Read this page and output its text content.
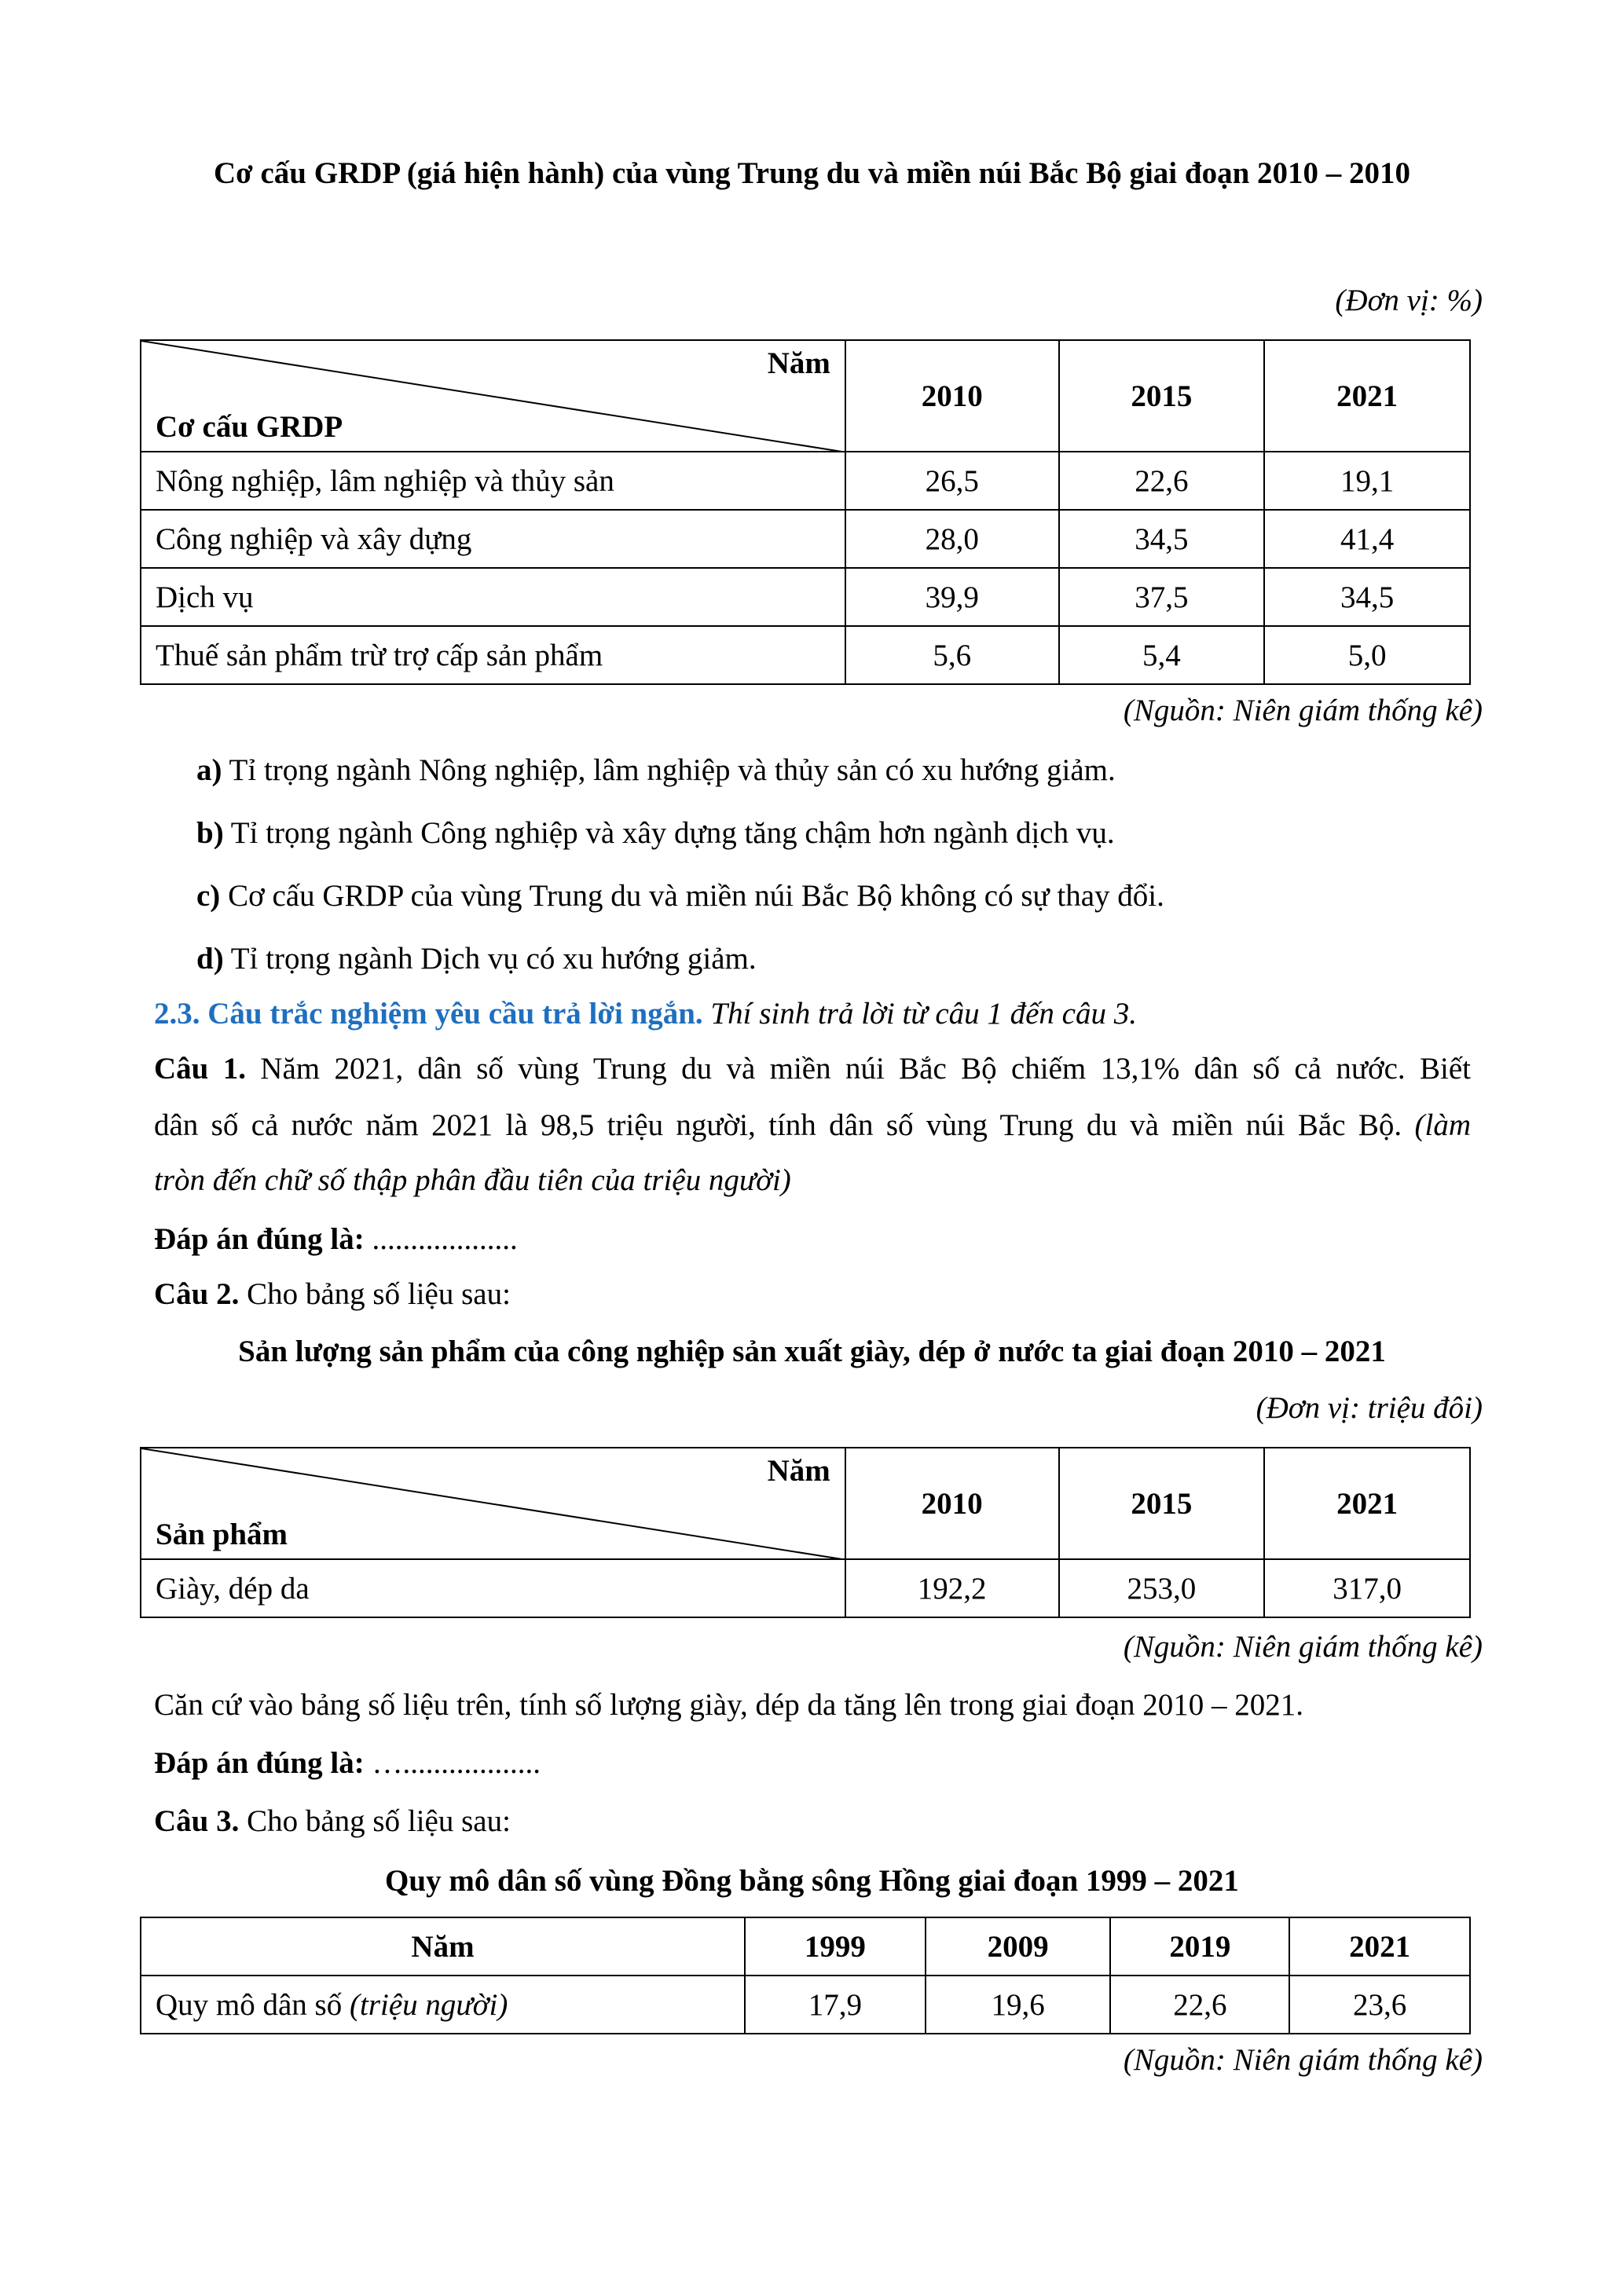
Cơ cấu GRDP (giá hiện hành) của vùng Trung du và miền núi Bắc Bộ giai đoạn 2010 – 2010
(Đơn vị: %)
Năm
Cơ cấu GRDP	2010	2015	2021
Nông nghiệp, lâm nghiệp và thủy sản	26,5	22,6	19,1
Công nghiệp và xây dựng	28,0	34,5	41,4
Dịch vụ	39,9	37,5	34,5
Thuế sản phẩm trừ trợ cấp sản phẩm	5,6	5,4	5,0
(Nguồn: Niên giám thống kê)
a) Tỉ trọng ngành Nông nghiệp, lâm nghiệp và thủy sản có xu hướng giảm.
b) Tỉ trọng ngành Công nghiệp và xây dựng tăng chậm hơn ngành dịch vụ.
c) Cơ cấu GRDP của vùng Trung du và miền núi Bắc Bộ không có sự thay đổi.
d) Tỉ trọng ngành Dịch vụ có xu hướng giảm.
2.3. Câu trắc nghiệm yêu cầu trả lời ngắn. Thí sinh trả lời từ câu 1 đến câu 3.
Câu 1. Năm 2021, dân số vùng Trung du và miền núi Bắc Bộ chiếm 13,1% dân số cả nước. Biết
dân số cả nước năm 2021 là 98,5 triệu người, tính dân số vùng Trung du và miền núi Bắc Bộ. (làm
tròn đến chữ số thập phân đầu tiên của triệu người)
Đáp án đúng là: ...................
Câu 2. Cho bảng số liệu sau:
Sản lượng sản phẩm của công nghiệp sản xuất giày, dép ở nước ta giai đoạn 2010 – 2021
(Đơn vị: triệu đôi)
Năm
Sản phẩm	2010	2015	2021
Giày, dép da	192,2	253,0	317,0
(Nguồn: Niên giám thống kê)
Căn cứ vào bảng số liệu trên, tính số lượng giày, dép da tăng lên trong giai đoạn 2010 – 2021.
Đáp án đúng là: …..................
Câu 3. Cho bảng số liệu sau:
Quy mô dân số vùng Đồng bằng sông Hồng giai đoạn 1999 – 2021
Năm	1999	2009	2019	2021
Quy mô dân số (triệu người)	17,9	19,6	22,6	23,6
(Nguồn: Niên giám thống kê)
